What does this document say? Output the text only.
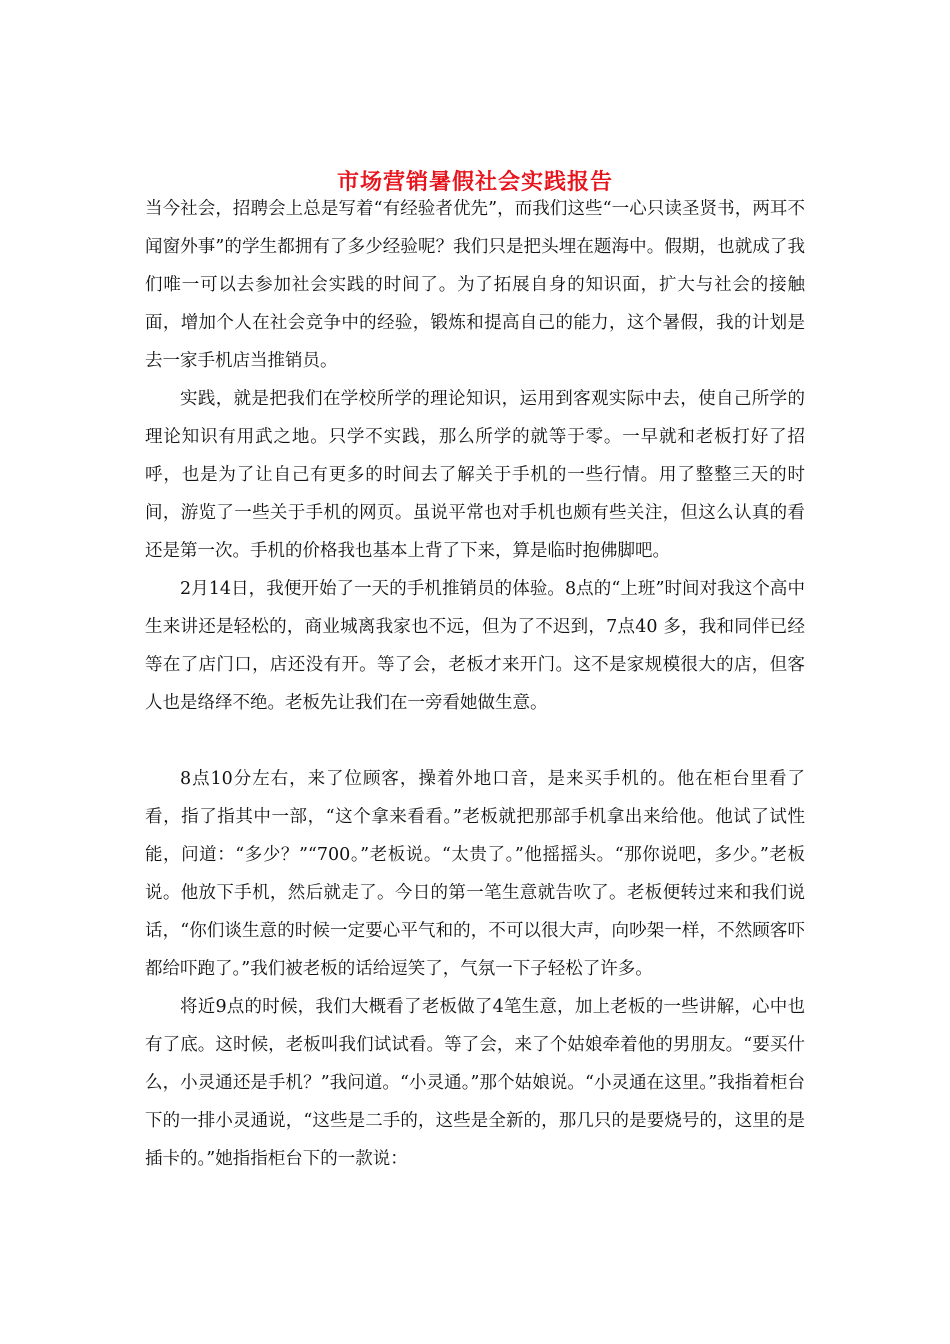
市场营销暑假社会实践报告

当今社会，招聘会上总是写着“有经验者优先”，而我们这些“一心只读圣贤书，两耳不闻窗外事”的学生都拥有了多少经验呢？我们只是把头埋在题海中。假期，也就成了我们唯一可以去参加社会实践的时间了。为了拓展自身的知识面，扩大与社会的接触面，增加个人在社会竞争中的经验，锻炼和提高自己的能力，这个暑假，我的计划是去一家手机店当推销员。

实践，就是把我们在学校所学的理论知识，运用到客观实际中去，使自己所学的理论知识有用武之地。只学不实践，那么所学的就等于零。一早就和老板打好了招呼，也是为了让自己有更多的时间去了解关于手机的一些行情。用了整整三天的时间，游览了一些关于手机的网页。虽说平常也对手机也颇有些关注，但这么认真的看还是第一次。手机的价格我也基本上背了下来，算是临时抱佛脚吧。

2月14日，我便开始了一天的手机推销员的体验。8点的“上班”时间对我这个高中生来讲还是轻松的，商业城离我家也不远，但为了不迟到，7点40 多，我和同伴已经等在了店门口，店还没有开。等了会，老板才来开门。这不是家规模很大的店，但客人也是络绎不绝。老板先让我们在一旁看她做生意。

8点10分左右，来了位顾客，操着外地口音，是来买手机的。他在柜台里看了看，指了指其中一部，“这个拿来看看。”老板就把那部手机拿出来给他。他试了试性能，问道：“多少？”“700。”老板说。“太贵了。”他摇摇头。“那你说吧，多少。”老板说。他放下手机，然后就走了。今日的第一笔生意就告吹了。老板便转过来和我们说话，“你们谈生意的时候一定要心平气和的，不可以很大声，向吵架一样，不然顾客吓都给吓跑了。”我们被老板的话给逗笑了，气氛一下子轻松了许多。

将近9点的时候，我们大概看了老板做了4笔生意，加上老板的一些讲解，心中也有了底。这时候，老板叫我们试试看。等了会，来了个姑娘牵着他的男朋友。“要买什么，小灵通还是手机？”我问道。“小灵通。”那个姑娘说。“小灵通在这里。”我指着柜台下的一排小灵通说，“这些是二手的，这些是全新的，那几只的是要烧号的，这里的是插卡的。”她指指柜台下的一款说：
